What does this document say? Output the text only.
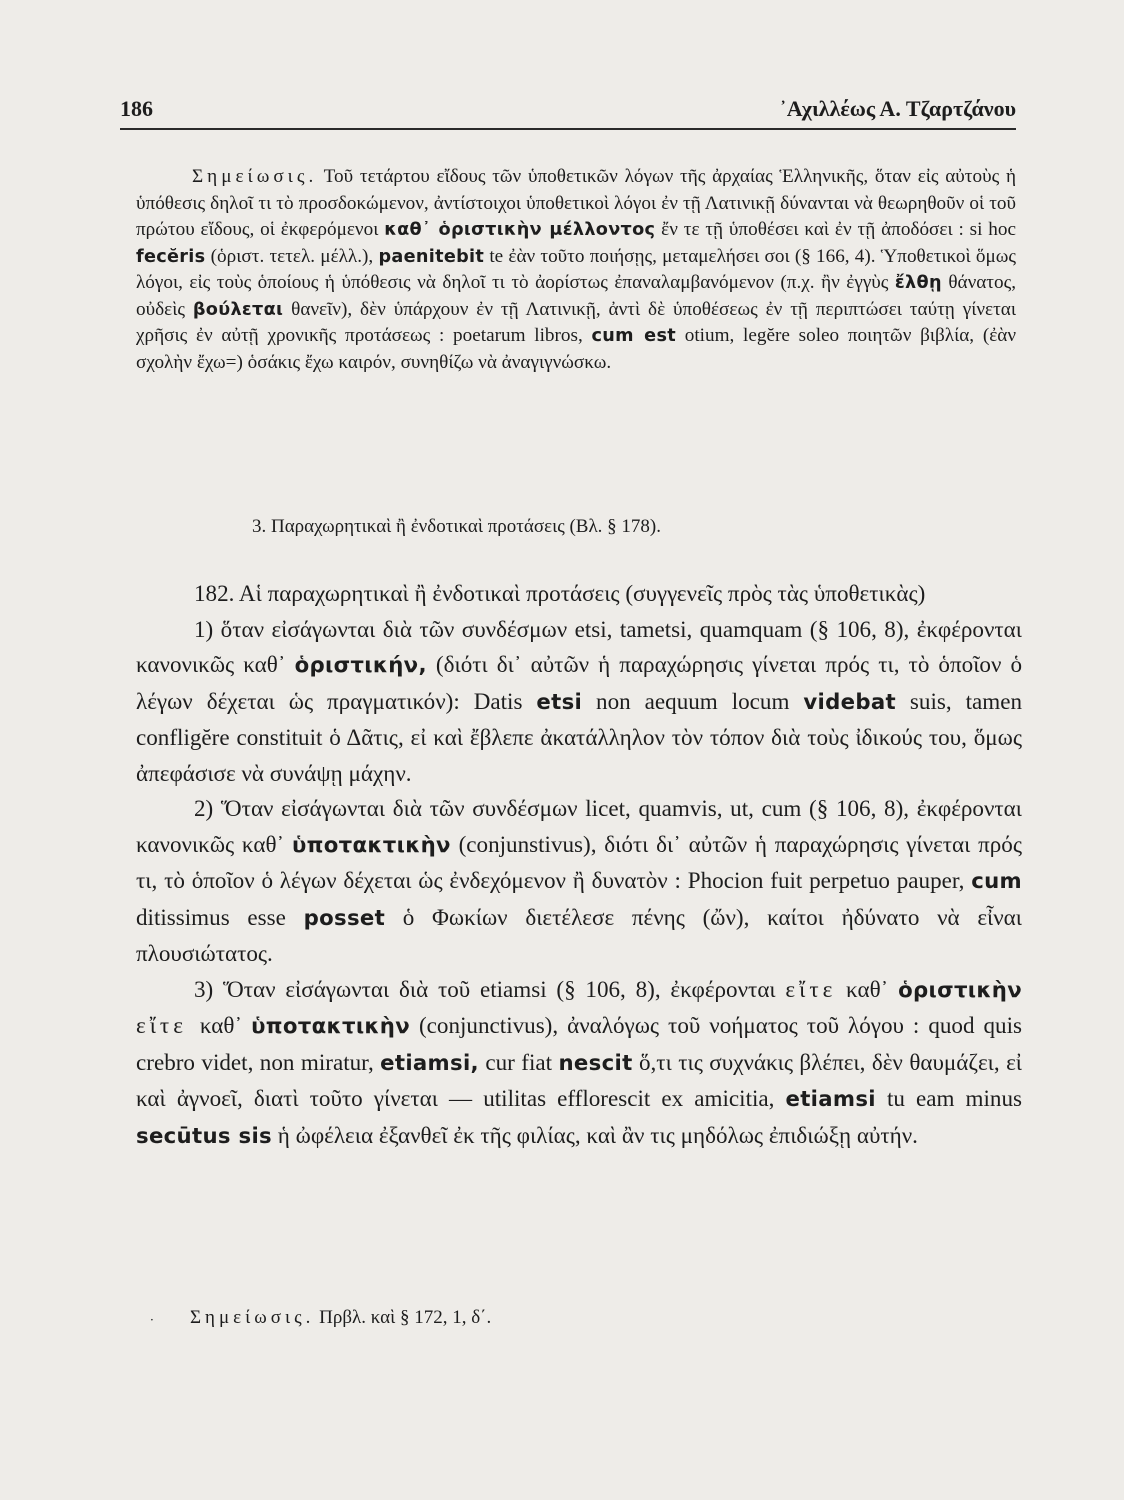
186	᾿Αχιλλέως Α. Τζαρτζάνου

Σημείωσις. Τοῦ τετάρτου εἴδους τῶν ὑποθετικῶν λόγων τῆς ἀρχαίας Ἑλληνικῆς, ὅταν εἰς αὐτοὺς ἡ ὑπόθεσις δηλοῖ τι τὸ προσδοκώμενον, ἀντίστοιχοι ὑποθετικοὶ λόγοι ἐν τῇ Λατινικῇ δύνανται νὰ θεωρηθοῦν οἱ τοῦ πρώτου εἴδους, οἱ ἐκφερόμενοι καθ᾿ ὁριστικὴν μέλλοντος ἔν τε τῇ ὑποθέσει καὶ ἐν τῇ ἀποδόσει : si hoc fecĕris (ὁριστ. τετελ. μέλλ.), paenitebit te ἐὰν τοῦτο ποιήσῃς, μεταμελήσει σοι (§ 166, 4). Ὑποθετικοὶ ὅμως λόγοι, εἰς τοὺς ὁποίους ἡ ὑπόθεσις νὰ δηλοῖ τι τὸ ἀορίστως ἐπαναλαμβανόμενον (π.χ. ἢν ἐγγὺς ἔλθῃ θάνατος, οὐδεὶς βούλεται θανεῖν), δὲν ὑπάρχουν ἐν τῇ Λατινικῇ, ἀντὶ δὲ ὑποθέσεως ἐν τῇ περιπτώσει ταύτῃ γίνεται χρῆσις ἐν αὐτῇ χρονικῆς προτάσεως : poetarum libros, cum est otium, legĕre soleo ποιητῶν βιβλία, (ἐὰν σχολὴν ἔχω=) ὁσάκις ἔχω καιρόν, συνηθίζω νὰ ἀναγιγνώσκω.

3. Παραχωρητικαὶ ἢ ἐνδοτικαὶ προτάσεις (Βλ. § 178).

182. Αἱ παραχωρητικαὶ ἢ ἐνδοτικαὶ προτάσεις (συγγενεῖς πρὸς τὰς ὑποθετικὰς)

1) ὅταν εἰσάγωνται διὰ τῶν συνδέσμων etsi, tametsi, quamquam (§ 106, 8), ἐκφέρονται κανονικῶς καθ᾿ ὁριστικήν, (διότι δι᾿ αὐτῶν ἡ παραχώρησις γίνεται πρός τι, τὸ ὁποῖον ὁ λέγων δέχεται ὡς πραγματικόν): Datis etsi non aequum locum videbat suis, tamen confligĕre constituit ὁ Δᾶτις, εἰ καὶ ἔβλεπε ἀκατάλληλον τὸν τόπον διὰ τοὺς ἰδικούς του, ὅμως ἀπεφάσισε νὰ συνάψῃ μάχην.

2) Ὅταν εἰσάγωνται διὰ τῶν συνδέσμων licet, quamvis, ut, cum (§ 106, 8), ἐκφέρονται κανονικῶς καθ᾿ ὑποτακτικὴν (conjunstivus), διότι δι᾿ αὐτῶν ἡ παραχώρησις γίνεται πρός τι, τὸ ὁποῖον ὁ λέγων δέχεται ὡς ἐνδεχόμενον ἢ δυνατὸν : Phocion fuit perpetuo pauper, cum ditissimus esse posset ὁ Φωκίων διετέλεσε πένης (ὤν), καίτοι ἠδύνατο νὰ εἶναι πλουσιώτατος.

3) Ὅταν εἰσάγωνται διὰ τοῦ etiamsi (§ 106, 8), ἐκφέρονται εἴτε καθ᾿ ὁριστικὴν εἴτε καθ᾿ ὑποτακτικὴν (conjunctivus), ἀναλόγως τοῦ νοήματος τοῦ λόγου : quod quis crebro videt, non miratur, etiamsi, cur fiat nescit ὅ,τι τις συχνάκις βλέπει, δὲν θαυμάζει, εἰ καὶ ἀγνοεῖ, διατὶ τοῦτο γίνεται — utilitas efflorescit ex amicitia, etiamsi tu eam minus secūtus sis ἡ ὠφέλεια ἐξανθεῖ ἐκ τῆς φιλίας, καὶ ἂν τις μηδόλως ἐπιδιώξῃ αὐτήν.

· Σημείωσις. Πρβλ. καὶ § 172, 1, δ΄.
